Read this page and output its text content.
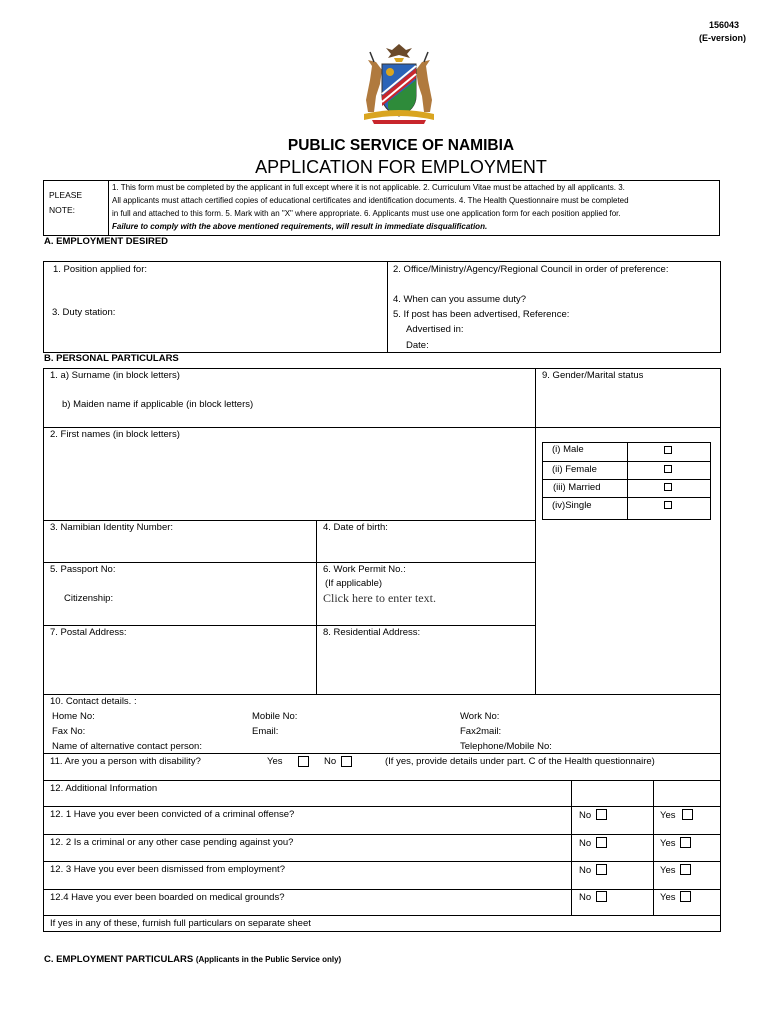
156043
(E-version)
PUBLIC SERVICE OF NAMIBIA
APPLICATION FOR EMPLOYMENT
PLEASE
NOTE:
1. This form must be completed by the applicant in full except where it is not applicable. 2. Curriculum Vitae must be attached by all applicants. 3.
All applicants must attach certified copies of educational certificates and identification documents. 4. The Health Questionnaire must be completed
in full and attached to this form. 5. Mark with an "X" where appropriate. 6. Applicants must use one application form for each position applied for.
Failure to comply with the above mentioned requirements, will result in immediate disqualification.
A. EMPLOYMENT DESIRED
1. Position applied for:	2. Office/Ministry/Agency/Regional Council in order of preference:
3. Duty station:
4. When can you assume duty?
5. If post has been advertised, Reference:
Advertised in:
Date:
B. PERSONAL PARTICULARS
1. a) Surname (in block letters)
b) Maiden name if applicable (in block letters)
9. Gender/Marital status
2. First names (in block letters)
(i) Male
(ii) Female
(iii) Married
(iv)Single
3. Namibian Identity Number:	4. Date of birth:
5. Passport No:
Citizenship:
6. Work Permit No.:
(If applicable)
Click here to enter text.
7. Postal Address:	8. Residential Address:
10. Contact details. :
Home No:	Mobile No:	Work No:
Fax No:	Email:	Fax2mail:
Name of alternative contact person:	Telephone/Mobile No:
11. Are you a person with disability?	Yes	No	(If yes, provide details under part. C of the Health questionnaire)
12. Additional Information
12. 1 Have you ever been convicted of a criminal offense?	No	Yes
12. 2 Is a criminal or any other case pending against you?	No	Yes
12. 3 Have you ever been dismissed from employment?	No	Yes
12.4 Have you ever been boarded on medical grounds?	No	Yes
If yes in any of these, furnish full particulars on separate sheet
C. EMPLOYMENT PARTICULARS (Applicants in the Public Service only)
